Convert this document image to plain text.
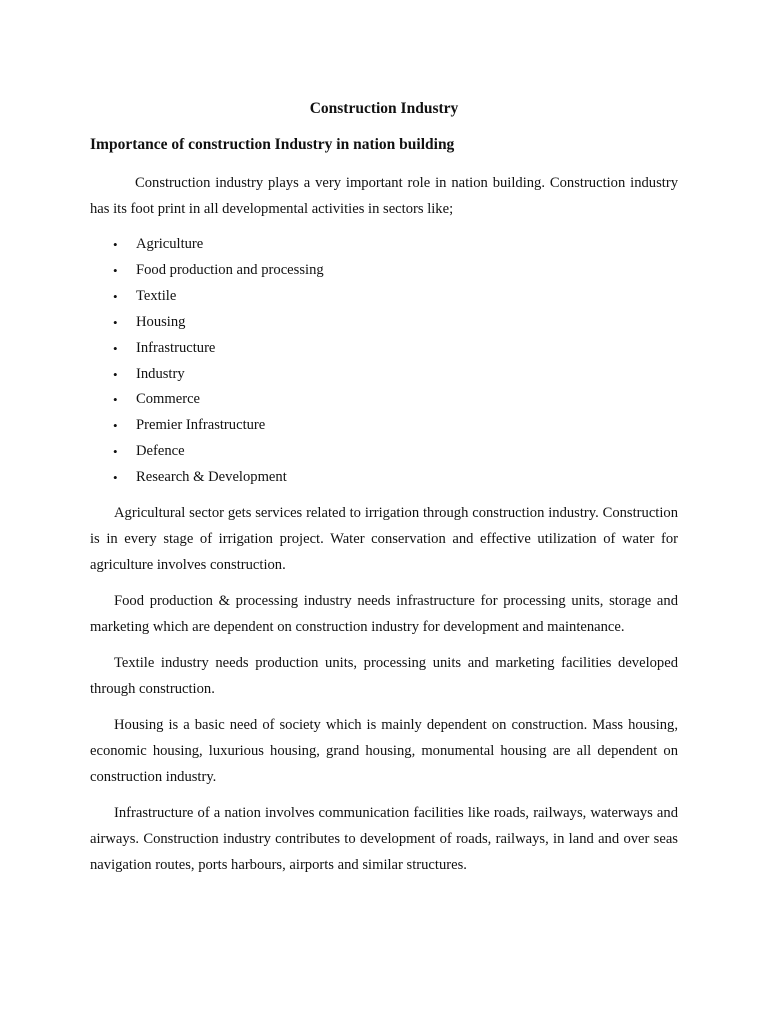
Construction Industry
Importance of construction Industry in nation building

Construction industry plays a very important role in nation building. Construction industry has its foot print in all developmental activities in sectors like;

• Agriculture
• Food production and processing
• Textile
• Housing
• Infrastructure
• Industry
• Commerce
• Premier Infrastructure
• Defence
• Research & Development

Agricultural sector gets services related to irrigation through construction industry. Construction is in every stage of irrigation project. Water conservation and effective utilization of water for agriculture involves construction.

Food production & processing industry needs infrastructure for processing units, storage and marketing which are dependent on construction industry for development and maintenance.

Textile industry needs production units, processing units and marketing facilities developed through construction.

Housing is a basic need of society which is mainly dependent on construction. Mass housing, economic housing, luxurious housing, grand housing, monumental housing are all dependent on construction industry.

Infrastructure of a nation involves communication facilities like roads, railways, waterways and airways. Construction industry contributes to development of roads, railways, in land and over seas navigation routes, ports harbours, airports and similar structures.
